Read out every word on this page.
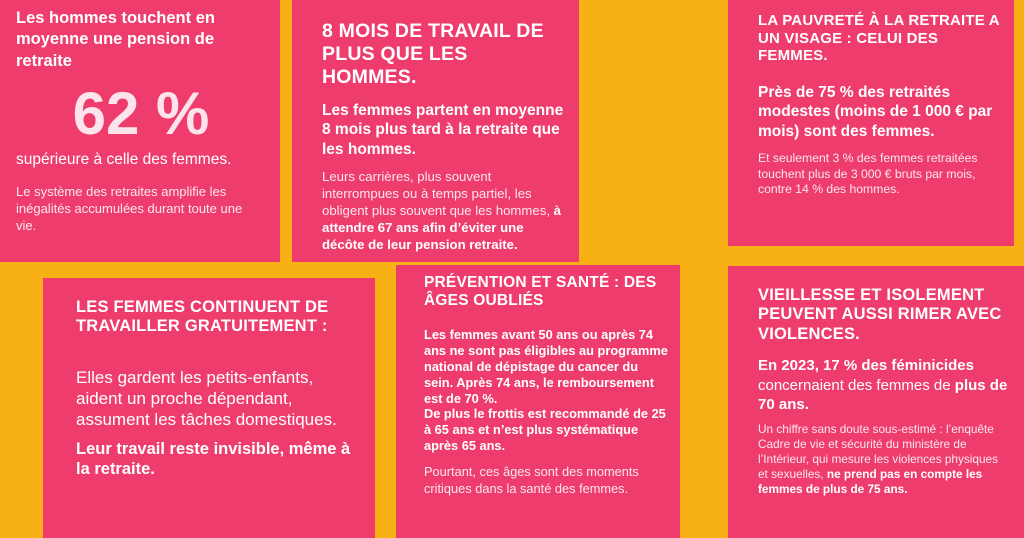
Les hommes touchent en moyenne une pension de retraite

62 %

supérieure à celle des femmes.

Le système des retraites amplifie les inégalités accumulées durant toute une vie.

8 MOIS DE TRAVAIL DE PLUS QUE LES HOMMES.

Les femmes partent en moyenne 8 mois plus tard à la retraite que les hommes.

Leurs carrières, plus souvent interrompues ou à temps partiel, les obligent plus souvent que les hommes, à attendre 67 ans afin d’éviter une décôte de leur pension retraite.

LA PAUVRETÉ À LA RETRAITE A UN VISAGE : CELUI DES FEMMES.

Près de 75 % des retraités modestes (moins de 1 000 € par mois) sont des femmes.

Et seulement 3 % des femmes retraitées touchent plus de 3 000 € bruts par mois, contre 14 % des hommes.

LES FEMMES CONTINUENT DE TRAVAILLER GRATUITEMENT :

Elles gardent les petits-enfants, aident un proche dépendant, assument les tâches domestiques.

Leur travail reste invisible, même à la retraite.

PRÉVENTION ET SANTÉ : DES ÂGES OUBLIÉS

Les femmes avant 50 ans ou après 74 ans ne sont pas éligibles au programme national de dépistage du cancer du sein. Après 74 ans, le remboursement est de 70 %.

De plus le frottis est recommandé de 25 à 65 ans et n’est plus systématique après 65 ans.

Pourtant, ces âges sont des moments critiques dans la santé des femmes.

VIEILLESSE ET ISOLEMENT PEUVENT AUSSI RIMER AVEC VIOLENCES.

En 2023, 17 % des féminicides concernaient des femmes de plus de 70 ans.

Un chiffre sans doute sous-estimé : l’enquête Cadre de vie et sécurité du ministère de l’Intérieur, qui mesure les violences physiques et sexuelles, ne prend pas en compte les femmes de plus de 75 ans.
